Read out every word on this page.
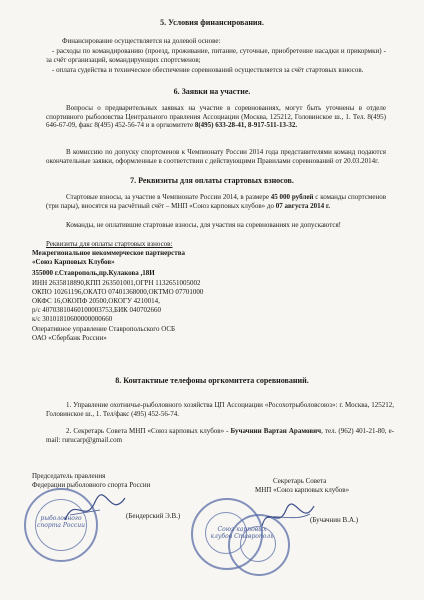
5. Условия финансирования.
Финансирование осуществляется на долевой основе:
- расходы по командированию (проезд, проживание, питание, суточные, приобретение насадки и прикормки) - за счёт организаций, командирующих спортсменов;
- оплата судейства и техническое обеспечение соревнований осуществляется за счёт стартовых взносов.
6. Заявки на участие.
Вопросы о предварительных заявках на участие в соревнованиях, могут быть уточнены в отделе спортивного рыболовства Центрального правления Ассоциации (Москва, 125212, Головинское ш., 1. Тел. 8(495) 646-67-09, факс 8(495) 452-56-74 и в оргкомитете 8(495) 633-28-41, 8-917-511-13-32.
В комиссию по допуску спортсменов к Чемпионату России 2014 года представителями команд подаются окончательные заявки, оформленные в соответствии с действующими Правилами соревнований от 20.03.2014г.
7. Реквизиты для оплаты стартовых взносов.
Стартовые взносы, за участие в Чемпионате России 2014, в размере 45 000 рублей с команды спортсменов (три пары), вносятся на расчётный счёт – МНП «Союз карповых клубов» до 07 августа 2014 г.
Команды, не оплатившие стартовые взносы, для участия на соревнованиях не допускаются!
Реквизиты для оплаты стартовых взносов:
Межрегиональное некоммерческое партнерства
«Союз Карповых Клубов»
355000 г.Ставрополь,пр.Кулакова ,18И
ИНН 2635818890,КПП 263501001,ОГРН 1132651005002
ОКПО 10261196,ОКАТО 07401368000,ОКТМО 07701000
ОКФС 16,ОКОПФ 20500,ОКОГУ 4210014,
р/с 40703810460100003753,БИК 040702660
к/с 30101810600000000660
Оперативное управление Ставропольского ОСБ
ОАО «Сбербанк России»
8. Контактные телефоны оргкомитета соревнований.
1. Управление охотничье-рыболовного хозяйства ЦП Ассоциации «Росохотрыболовсоюз»: г. Москва, 125212, Головинское ш., 1. Тел/факс (495) 452-56-74.
2. Секретарь Совета МНП «Союз карповых клубов» - Бучачнин Вартан Арамович, тел. (962) 401-21-80, e-mail: rurucarp@gmail.com
Председатель правления
Федерации рыболовного спорта России
(Бендерский Э.В.)
Секретарь Совета
МНП «Союз карповых клубов»
(Бучачнин В.А.)
рыболовного спорта России
Союз карповых клубов Ставрополь
